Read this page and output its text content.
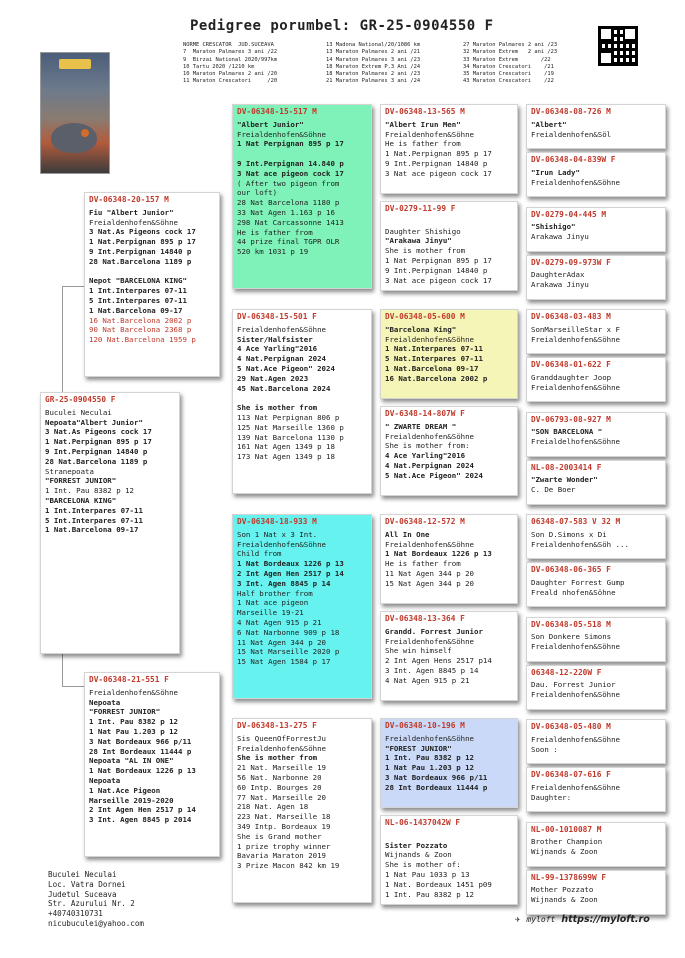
Pedigree porumbel: GR-25-0904550 F
NORME CRESCATOR  JUD.SUCEAVA
7  Maraton Palmares 3 ani /22
9  Birzai National 2020/997km
10 Tartu 2020 /1210 km
10 Maraton Palmares 2 ani /20
11 Maraton Crescatori     /20
13 Madona National/20/1086 km
13 Maraton Palmares 2 ani /21
14 Maraton Palmares 3 ani /23
18 Maraton Extrem P.3 Ani /24
18 Maraton Palmares 2 ani /23
21 Maraton Palmares 3 ani /24
27 Maraton Palmares 2 ani /23
32 Maraton Extrem   2 ani /23
33 Maraton Extrem       /22
34 Maraton Crescatori    /21
35 Maraton Crescatori    /19
43 Maraton Crescatori    /22
GR-25-0904550 F
Buculei Neculai
Nepoata"Albert Junior"
3 Nat.As Pigeons cock 17
1 Nat.Perpignan 895 p 17
9 Int.Perpignan 14840 p
28 Nat.Barcelona 1189 p
Stranepoata
"FORREST JUNIOR"
1 Int. Pau 8382 p 12
"BARCELONA KING"
1 Int.Interpares 07-11
5 Int.Interpares 07-11
1 Nat.Barcelona 09-17
DV-06348-20-157 M
Fiu "Albert Junior"
Freialdenhofen&Söhne
3 Nat.As Pigeons cock 17
1 Nat.Perpignan 895 p 17
9 Int.Perpignan 14840 p
28 Nat.Barcelona 1189 p

Nepot "BARCELONA KING"
1 Int.Interpares 07-11
5 Int.Interpares 07-11
1 Nat.Barcelona 09-17
16 Nat.Barcelona 2002 p
90 Nat Barcelona 2368 p
120 Nat.Barcelona 1959 p
DV-06348-21-551 F
Freialdenhofen&Söhne
Nepoata
"FORREST JUNIOR"
1 Int. Pau 8382 p 12
1 Nat Pau 1.203 p 12
3 Nat Bordeaux 966 p/11
28 Int Bordeaux 11444 p
Nepoata "AL IN ONE"
1 Nat Bordeaux 1226 p 13
Nepoata
1 Nat.Ace Pigeon
Marseille 2019-2020
2 Int Agen Hen 2517 p 14
3 Int. Agen 8845 p 2014
DV-06348-15-517 M
"Albert Junior"
Freialdenhofen&Söhne
1 Nat Perpignan 895 p 17

9 Int.Perpignan 14.840 p
3 Nat ace pigeon cock 17
( After two pigeon from
our loft)
28 Nat Barcelona 1180 p
33 Nat Agen 1.163 p 16
298 Nat Carcassonne 1413
He is father from
44 prize final TGPR OLR
520 km 1031 p 19
DV-06348-15-501 F
Freialdenhofen&Söhne
Sister/Halfsister
4 Ace Yarling"2016
4 Nat.Perpignan 2024
5 Nat.Ace Pigeon" 2024
29 Nat.Agen 2023
45 Nat.Barcelona 2024

She is mother from
113 Nat Perpignan 806 p
125 Nat Marseille 1360 p
139 Nat Barcelona 1130 p
161 Nat Agen 1349 p 18
173 Nat Agen 1349 p 18
DV-06348-18-933 M
Son 1 Nat x 3 Int.
Freialdenhofen&Söhne
Child from
1 Nat Bordeaux 1226 p 13
2 Int Agen Hen 2517 p 14
3 Int. Agen 8845 p 14
Half brother from
1 Nat ace pigeon
Marseille 19-21
4 Nat Agen 915 p 21
6 Nat Narbonne 909 p 18
11 Nat Agen 344 p 20
15 Nat Marseille 2020 p
15 Nat Agen 1584 p 17
DV-06348-13-275 F
Sis QueenOfForrestJu
Freialdenhofen&Söhne
She is mother from
21 Nat. Marseille 19
56 Nat. Narbonne 20
60 Intp. Bourges 20
77 Nat. Marseille 20
218 Nat. Agen 18
223 Nat. Marseille 18
349 Intp. Bordeaux 19
She is Grand mother
1 prize trophy winner
Bavaria Maraton 2019
3 Prize Macon 842 km 19
DV-06348-13-565 M
"Albert Irun Men"
Freialdenhofen&Söhne
He is father from
1 Nat.Perpignan 895 p 17
9 Int.Perpignan 14840 p
3 Nat ace pigeon cock 17
DV-0279-11-99 F

Daughter Shishigo
"Arakawa Jinyu"
She is mother from
1 Nat Perpignan 895 p 17
9 Int.Perpignan 14840 p
3 Nat ace pigeon cock 17
DV-06348-05-600 M
"Barcelona King"
Freialdenhofen&Söhne
1 Nat.Interpares 07-11
5 Nat.Interpares 07-11
1 Nat.Barcelona 09-17
16 Nat.Barcelona 2002 p
DV-6348-14-807W F
" ZWARTE DREAM "
Freialdenhofen&Söhne
She is mother from:
4 Ace Yarling"2016
4 Nat.Perpignan 2024
5 Nat.Ace Pigeon" 2024
DV-06348-12-572 M
All In One
Freialdenhofen&Söhne
1 Nat Bordeaux 1226 p 13
He is father from
11 Nat Agen 344 p 20
15 Nat Agen 344 p 20
DV-06348-13-364 F
Grandd. Forrest Junior
Freialdenhofen&Söhne
She win himself
2 Int Agen Hens 2517 p14
3 Int. Agen 8845 p 14
4 Nat Agen 915 p 21
DV-06348-10-196 M
Freialdenhofen&Söhne
"FOREST JUNIOR"
1 Int. Pau 8382 p 12
1 Nat Pau 1.203 p 12
3 Nat Bordeaux 966 p/11
28 Int Bordeaux 11444 p
NL-06-1437042W F

Sister Pozzato
Wijnands & Zoon
She is mother of:
1 Nat Pau 1033 p 13
1 Nat. Bordeaux 1451 p09
1 Int. Pau 8382 p 12
DV-06348-08-726 M
"Albert"
Freialdenhofen&Söl
DV-06348-04-839W F
"Irun Lady"
Freialdenhofen&Söhne
DV-0279-04-445 M
"Shishigo"
Arakawa Jinyu
DV-0279-09-973W F
DaughterAdax
Arakawa Jinyu
DV-06348-03-483 M
SonMarseilleStar x F
Freialdenhofen&Söhne
DV-06348-01-622 F
Granddaughter Joop
Freialdenhofen&Söhne
DV-06793-08-927 M
"SON BARCELONA "
Freialdelhofen&Söhne
NL-08-2003414 F
"Zwarte Wonder"
C. De Boer
06348-07-583 V 32 M
Son D.Simons x Di
Freialdenhofen&Söh ...
DV-06348-06-365 F
Daughter Forrest Gump
Freald nhofen&Söhne
DV-06348-05-518 M
Son Donkere Simons
Freialdenhofen&Söhne
06348-12-220W F
Dau. Forrest Junior
Freialdenhofen&Söhne
DV-06348-05-480 M
Freialdenhofen&Söhne
Soon :
DV-06348-07-616 F
Freialdenhofen&Söhne
Daughter:
NL-00-1010087 M
Brother Champion
Wijnands & Zoon
NL-99-1378699W F
Mother Pozzato
Wijnands & Zoon
Buculei Neculai
Loc. Vatra Dornei
Judetul Suceava
Str. Azurului Nr. 2
+40740310731
nicubuculei@yahoo.com	✈ myloft https://myloft.ro
